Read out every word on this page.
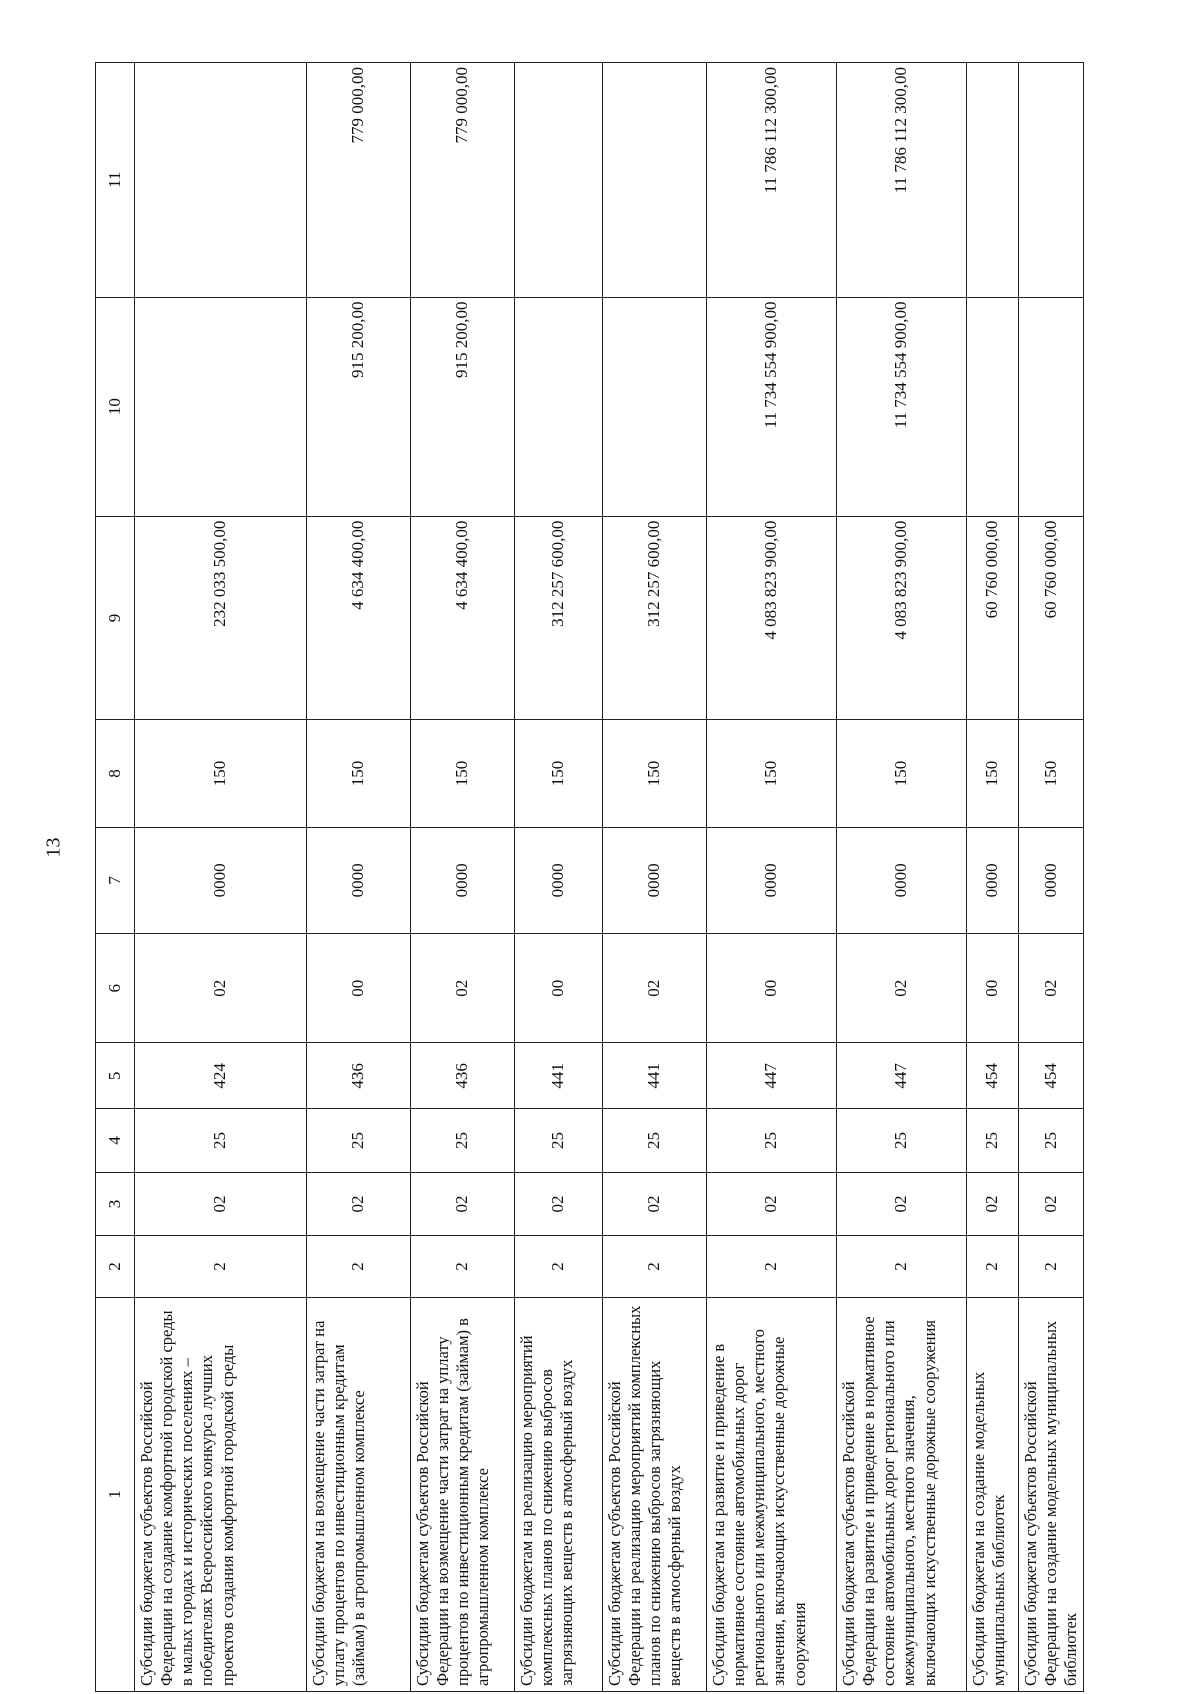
13
1	2	3	4	5	6	7	8	9	10	11
Субсидии бюджетам субъектов Российской Федерации на создание комфортной городской среды в малых городах и исторических поселениях – победителях Всероссийского конкурса лучших проектов создания комфортной городской среды	2	02	25	424	02	0000	150	232 033 500,00		
Субсидии бюджетам на возмещение части затрат на уплату процентов по инвестиционным кредитам (займам) в агропромышленном комплексе	2	02	25	436	00	0000	150	4 634 400,00	915 200,00	779 000,00
Субсидии бюджетам субъектов Российской Федерации на возмещение части затрат на уплату процентов по инвестиционным кредитам (займам) в агропромышленном комплексе	2	02	25	436	02	0000	150	4 634 400,00	915 200,00	779 000,00
Субсидии бюджетам на реализацию мероприятий комплексных планов по снижению выбросов загрязняющих веществ в атмосферный воздух	2	02	25	441	00	0000	150	312 257 600,00		
Субсидии бюджетам субъектов Российской Федерации на реализацию мероприятий комплексных планов по снижению выбросов загрязняющих веществ в атмосферный воздух	2	02	25	441	02	0000	150	312 257 600,00		
Субсидии бюджетам на развитие и приведение в нормативное состояние автомобильных дорог регионального или межмуниципального, местного значения, включающих искусственные дорожные сооружения	2	02	25	447	00	0000	150	4 083 823 900,00	11 734 554 900,00	11 786 112 300,00
Субсидии бюджетам субъектов Российской Федерации на развитие и приведение в нормативное состояние автомобильных дорог регионального или межмуниципального, местного значения, включающих искусственные дорожные сооружения	2	02	25	447	02	0000	150	4 083 823 900,00	11 734 554 900,00	11 786 112 300,00
Субсидии бюджетам на создание модельных муниципальных библиотек	2	02	25	454	00	0000	150	60 760 000,00		
Субсидии бюджетам субъектов Российской Федерации на создание модельных муниципальных библиотек	2	02	25	454	02	0000	150	60 760 000,00		
